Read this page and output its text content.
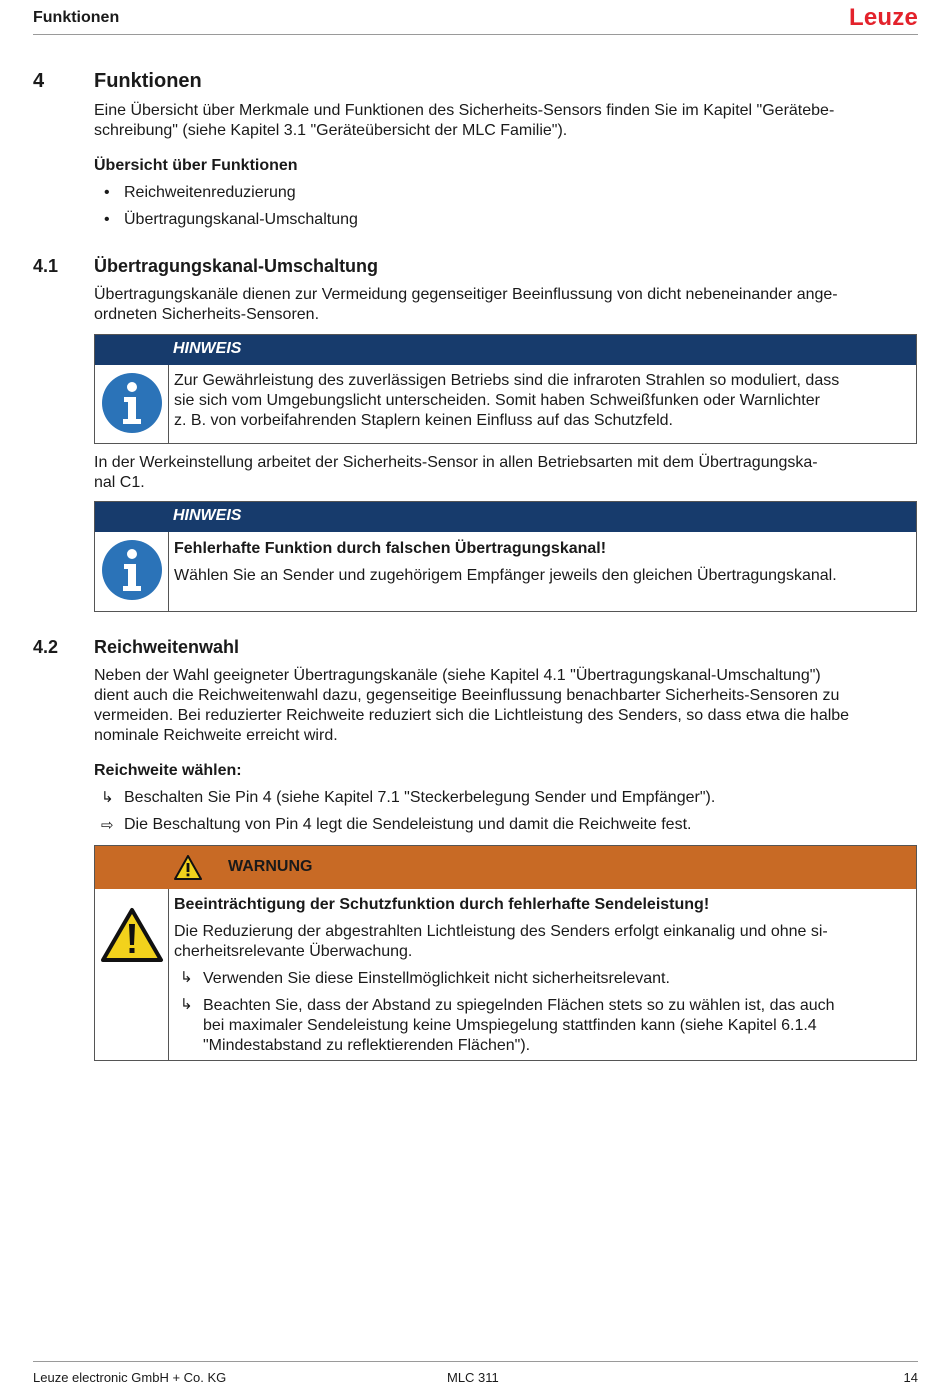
Funktionen	Leuze
4 Funktionen
Eine Übersicht über Merkmale und Funktionen des Sicherheits-Sensors finden Sie im Kapitel "Gerätebe-
schreibung" (siehe Kapitel 3.1 "Geräteübersicht der MLC Familie").
Übersicht über Funktionen
• Reichweitenreduzierung
• Übertragungskanal-Umschaltung
4.1 Übertragungskanal-Umschaltung
Übertragungskanäle dienen zur Vermeidung gegenseitiger Beeinflussung von dicht nebeneinander ange-
ordneten Sicherheits-Sensoren.
HINWEIS
Zur Gewährleistung des zuverlässigen Betriebs sind die infraroten Strahlen so moduliert, dass
sie sich vom Umgebungslicht unterscheiden. Somit haben Schweißfunken oder Warnlichter
z. B. von vorbeifahrenden Staplern keinen Einfluss auf das Schutzfeld.
In der Werkeinstellung arbeitet der Sicherheits-Sensor in allen Betriebsarten mit dem Übertragungska-
nal C1.
HINWEIS
Fehlerhafte Funktion durch falschen Übertragungskanal!
Wählen Sie an Sender und zugehörigem Empfänger jeweils den gleichen Übertragungskanal.
4.2 Reichweitenwahl
Neben der Wahl geeigneter Übertragungskanäle (siehe Kapitel 4.1 "Übertragungskanal-Umschaltung")
dient auch die Reichweitenwahl dazu, gegenseitige Beeinflussung benachbarter Sicherheits-Sensoren zu
vermeiden. Bei reduzierter Reichweite reduziert sich die Lichtleistung des Senders, so dass etwa die halbe
nominale Reichweite erreicht wird.
Reichweite wählen:
↳ Beschalten Sie Pin 4 (siehe Kapitel 7.1 "Steckerbelegung Sender und Empfänger").
⇨ Die Beschaltung von Pin 4 legt die Sendeleistung und damit die Reichweite fest.
WARNUNG
Beeinträchtigung der Schutzfunktion durch fehlerhafte Sendeleistung!
Die Reduzierung der abgestrahlten Lichtleistung des Senders erfolgt einkanalig und ohne si-
cherheitsrelevante Überwachung.
↳ Verwenden Sie diese Einstellmöglichkeit nicht sicherheitsrelevant.
↳ Beachten Sie, dass der Abstand zu spiegelnden Flächen stets so zu wählen ist, das auch
bei maximaler Sendeleistung keine Umspiegelung stattfinden kann (siehe Kapitel 6.1.4
"Mindestabstand zu reflektierenden Flächen").
Leuze electronic GmbH + Co. KG	MLC 311	14
